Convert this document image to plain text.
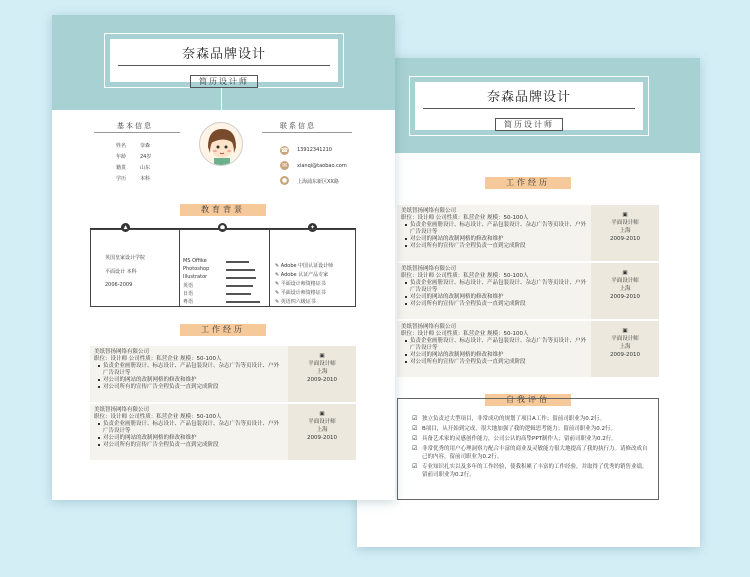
奈森品牌设计
简历设计师
工作经历
美纸智扬网络有限公司
职位：设计师 公司性质：私营企业 规模：50-100人
负责企业画册设计、标志设计、产品包装设计、杂志广告等页设计、户外广告设计等
对公司的网站的改制网格的修改和维护
对公司所有的宣传广告全程负责一直到完成阶段
▣
平面设计师
上海
2009-2010
美纸智扬网络有限公司
职位：设计师 公司性质：私营企业 规模：50-100人
负责企业画册设计、标志设计、产品包装设计、杂志广告等页设计、户外广告设计等
对公司的网站的改制网格的修改和维护
对公司所有的宣传广告全程负责一直到完成阶段
▣
平面设计师
上海
2009-2010
美纸智扬网络有限公司
职位：设计师 公司性质：私营企业 规模：50-100人
负责企业画册设计、标志设计、产品包装设计、杂志广告等页设计、户外广告设计等
对公司的网站的改制网格的修改和维护
对公司所有的宣传广告全程负责一直到完成阶段
▣
平面设计师
上海
2009-2010
自我评估
☑ 独立负责过大型项目，非常成功的规划了项目A工作；留前司职业为0.2行。
☑ B项目，从开始到完成，很大地加强了我的逻辑思考能力；留前司职业为0.2行。
☑ 具备艺术家的灵感创作能力，公司公认的高挚PPT制作人；留前司职业为0.2行。
☑ 非常优秀的用户心理洞察力配合丰富的商业及灵敏能力很大地提高了我的执行力。请修改成自己的内容，留前司职业为0.2行。
☑ 专业知识扎实以及多年的工作经验，使我积累了丰富的工作经验，并取得了优秀的销售业绩。留前司职业为0.2行。
奈森品牌设计
简历设计师
基本信息	联系信息
姓名	奈森
年龄	24岁
籍贯	山东
学历	本科
☎ 13912341210
✉	xianqi@taobao.com
●	上海浦东新区XX路
教育背景
▲	●	✦
英国皇家设计学院
平面设计 本科
2006-2009
MS Offike
Photoshop
Illustrator
英语
日语
粤语
✎ Adobe 中国认证设计师
✎ Adobe 认证产品专家
✎ 平面设计师资格证书
✎ 平面设计师资格证书
✎ 英语四六级证书
工作经历
美纸智扬网络有限公司
职位：设计师 公司性质：私营企业 规模：50-100人
负责企业画册设计、标志设计、产品包装设计、杂志广告等页设计、户外广告设计等
对公司的网站的改制网格的修改和维护
对公司所有的宣传广告全程负责一直到完成阶段
▣
平面设计师
上海
2009-2010
美纸智扬网络有限公司
职位：设计师 公司性质：私营企业 规模：50-100人
负责企业画册设计、标志设计、产品包装设计、杂志广告等页设计、户外广告设计等
对公司的网站的改制网格的修改和维护
对公司所有的宣传广告全程负责一直到完成阶段
▣
平面设计师
上海
2009-2010
